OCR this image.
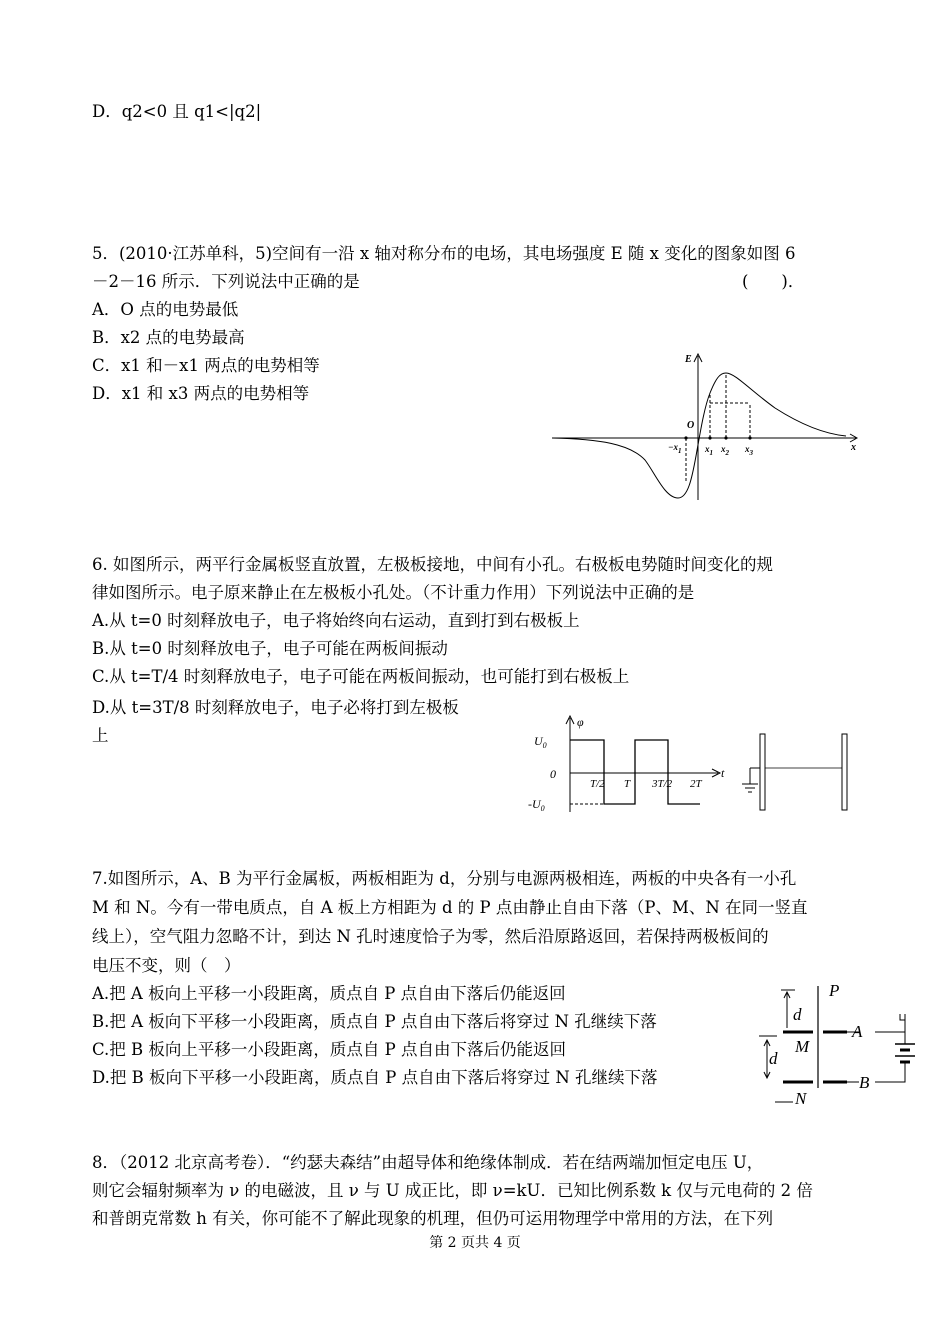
D．q2<0 且 q1<|q2|
5．(2010·江苏单科，5)空间有一沿 x 轴对称分布的电场，其电场强度 E 随 x 变化的图象如图 6
－2－16 所示．下列说法中正确的是	(　　)．
A．O 点的电势最低
B．x2 点的电势最高
C．x1 和－x1 两点的电势相等
D．x1 和 x3 两点的电势相等
E
x
O
$-x_1$	$x_1$ $x_2$ $x_3$
6. 如图所示，两平行金属板竖直放置，左极板接地，中间有小孔。右极板电势随时间变化的规
律如图所示。电子原来静止在左极板小孔处。（不计重力作用）下列说法中正确的是
A.从 t=0 时刻释放电子，电子将始终向右运动，直到打到右极板上
B.从 t=0 时刻释放电子，电子可能在两板间振动
C.从 t=T/4 时刻释放电子，电子可能在两板间振动，也可能打到右极板上
D.从 t=3T/8 时刻释放电子，电子必将打到左极板
上
φ
$U_0$
0
$-U_0$
T/2 T 3T/2 2T
t
7.如图所示，A、B 为平行金属板，两板相距为 d，分别与电源两极相连，两板的中央各有一小孔
M 和 N。今有一带电质点，自 A 板上方相距为 d 的 P 点由静止自由下落（P、M、N 在同一竖直
线上），空气阻力忽略不计，到达 N 孔时速度恰子为零，然后沿原路返回，若保持两极板间的
电压不变，则（　）
A.把 A 板向上平移一小段距离，质点自 P 点自由下落后仍能返回
B.把 A 板向下平移一小段距离，质点自 P 点自由下落后将穿过 N 孔继续下落
C.把 B 板向上平移一小段距离，质点自 P 点自由下落后仍能返回
D.把 B 板向下平移一小段距离，质点自 P 点自由下落后将穿过 N 孔继续下落
P
A
M
B
N
d
d
8．（2012 北京高考卷）．“约瑟夫森结”由超导体和绝缘体制成．若在结两端加恒定电压 U，
则它会辐射频率为 ν 的电磁波，且 ν 与 U 成正比，即 ν=kU．已知比例系数 k 仅与元电荷的 2 倍
和普朗克常数 h 有关，你可能不了解此现象的机理，但仍可运用物理学中常用的方法，在下列
第 2 页共 4 页
